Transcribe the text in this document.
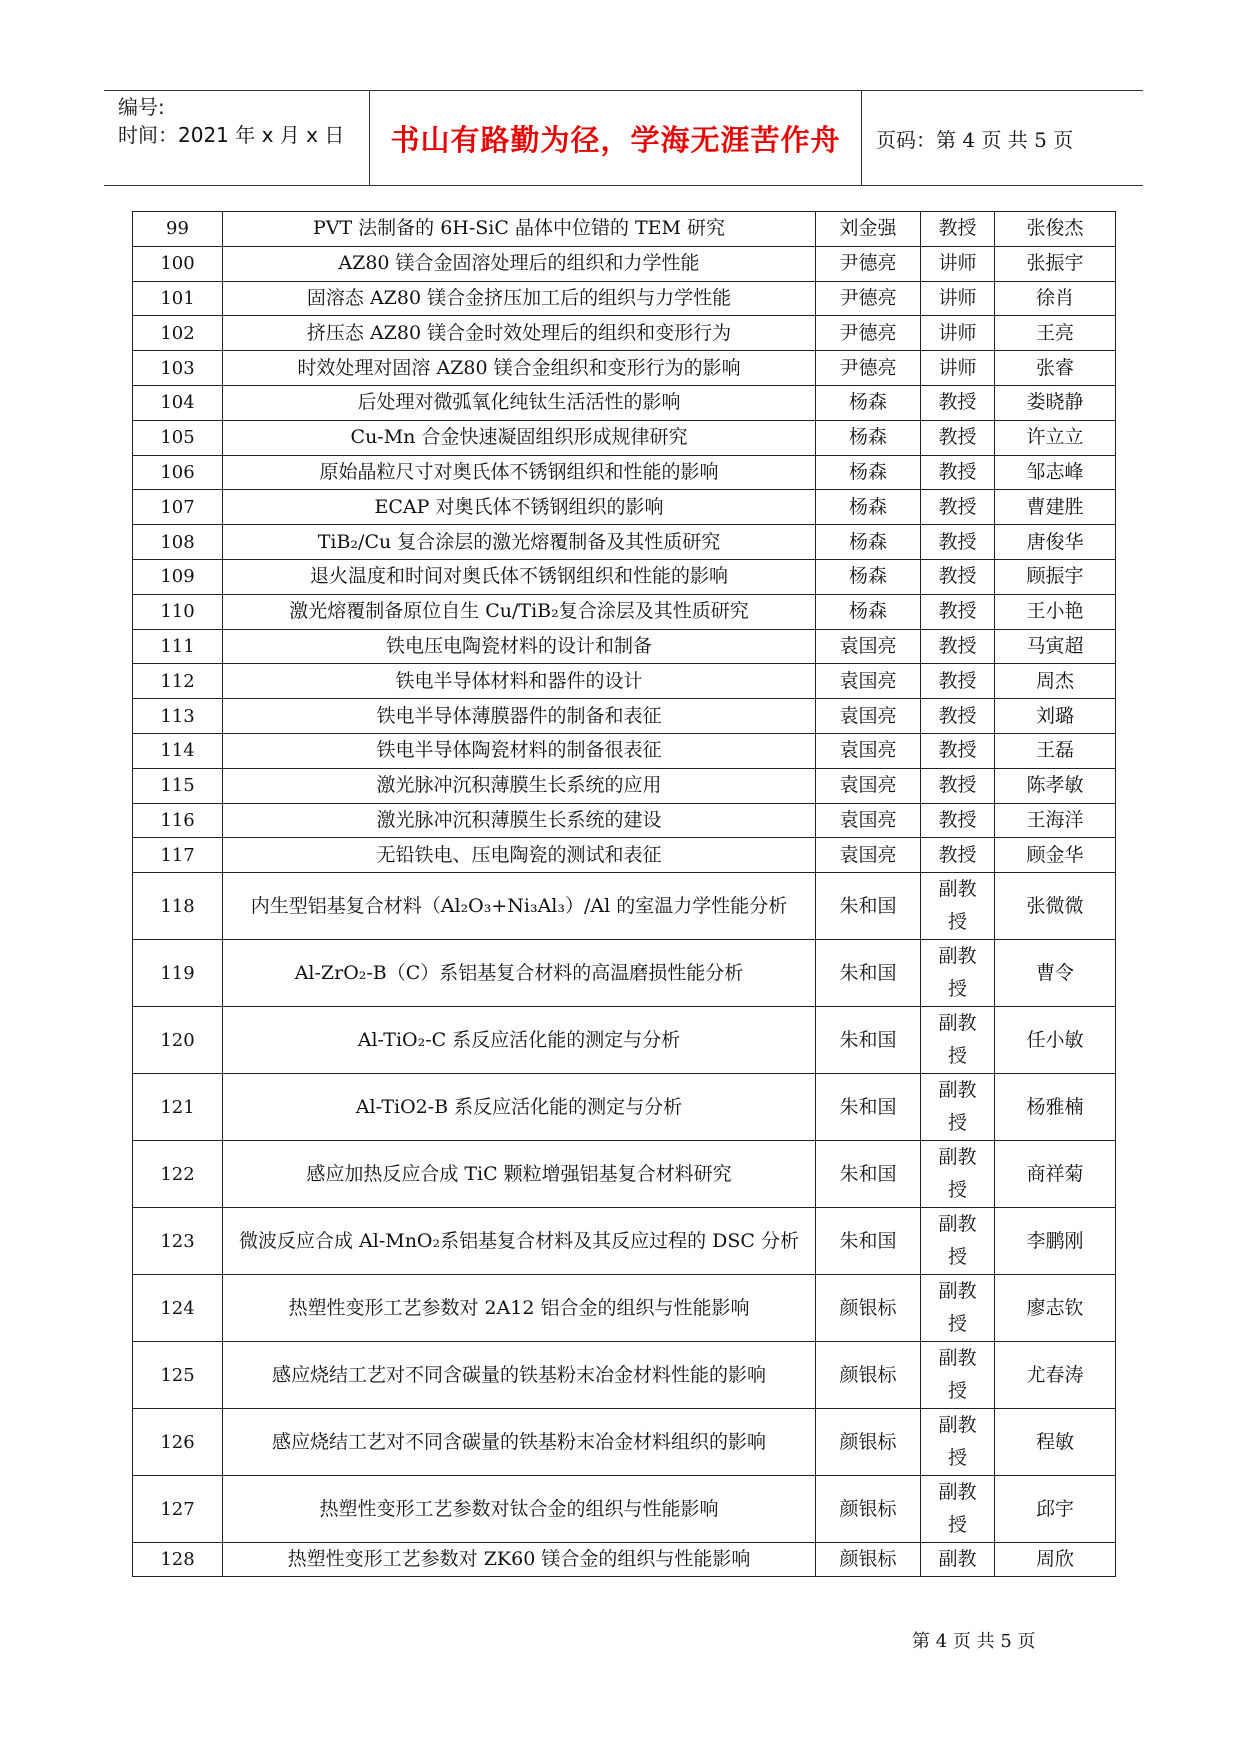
编号:
时间：2021 年 x 月 x 日	书山有路勤为径，学海无涯苦作舟	页码：第 4 页 共 5 页
99	PVT 法制备的 6H-SiC 晶体中位错的 TEM 研究	刘金强	教授	张俊杰
100	AZ80 镁合金固溶处理后的组织和力学性能	尹德亮	讲师	张振宇
101	固溶态 AZ80 镁合金挤压加工后的组织与力学性能	尹德亮	讲师	徐肖
102	挤压态 AZ80 镁合金时效处理后的组织和变形行为	尹德亮	讲师	王亮
103	时效处理对固溶 AZ80 镁合金组织和变形行为的影响	尹德亮	讲师	张睿
104	后处理对微弧氧化纯钛生活活性的影响	杨森	教授	娄晓静
105	Cu-Mn 合金快速凝固组织形成规律研究	杨森	教授	许立立
106	原始晶粒尺寸对奥氏体不锈钢组织和性能的影响	杨森	教授	邹志峰
107	ECAP 对奥氏体不锈钢组织的影响	杨森	教授	曹建胜
108	TiB₂/Cu 复合涂层的激光熔覆制备及其性质研究	杨森	教授	唐俊华
109	退火温度和时间对奥氏体不锈钢组织和性能的影响	杨森	教授	顾振宇
110	激光熔覆制备原位自生 Cu/TiB₂复合涂层及其性质研究	杨森	教授	王小艳
111	铁电压电陶瓷材料的设计和制备	袁国亮	教授	马寅超
112	铁电半导体材料和器件的设计	袁国亮	教授	周杰
113	铁电半导体薄膜器件的制备和表征	袁国亮	教授	刘璐
114	铁电半导体陶瓷材料的制备很表征	袁国亮	教授	王磊
115	激光脉冲沉积薄膜生长系统的应用	袁国亮	教授	陈孝敏
116	激光脉冲沉积薄膜生长系统的建设	袁国亮	教授	王海洋
117	无铅铁电、压电陶瓷的测试和表征	袁国亮	教授	顾金华
118	内生型铝基复合材料（Al₂O₃+Ni₃Al₃）/Al 的室温力学性能分析	朱和国	副教授	张微微
119	Al-ZrO₂-B（C）系铝基复合材料的高温磨损性能分析	朱和国	副教授	曹令
120	Al-TiO₂-C 系反应活化能的测定与分析	朱和国	副教授	任小敏
121	Al-TiO2-B 系反应活化能的测定与分析	朱和国	副教授	杨雅楠
122	感应加热反应合成 TiC 颗粒增强铝基复合材料研究	朱和国	副教授	商祥菊
123	微波反应合成 Al-MnO₂系铝基复合材料及其反应过程的 DSC 分析	朱和国	副教授	李鹏刚
124	热塑性变形工艺参数对 2A12 铝合金的组织与性能影响	颜银标	副教授	廖志钦
125	感应烧结工艺对不同含碳量的铁基粉末冶金材料性能的影响	颜银标	副教授	尤春涛
126	感应烧结工艺对不同含碳量的铁基粉末冶金材料组织的影响	颜银标	副教授	程敏
127	热塑性变形工艺参数对钛合金的组织与性能影响	颜银标	副教授	邱宇
128	热塑性变形工艺参数对 ZK60 镁合金的组织与性能影响	颜银标	副教	周欣
第 4 页 共 5 页
